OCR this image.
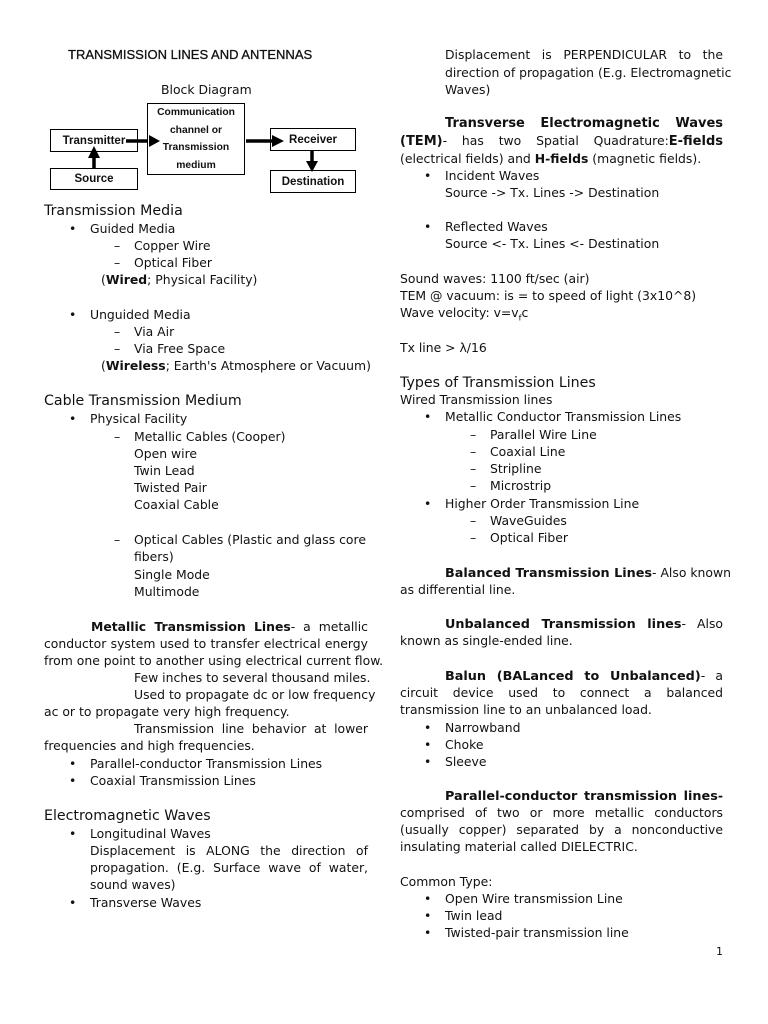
TRANSMISSION LINES AND ANTENNAS
Block Diagram
Transmitter
Communication
channel or
Transmission
medium
Receiver
Source	Destination
Transmission Media
• Guided Media
– Copper Wire
– Optical Fiber
(Wired; Physical Facility)
• Unguided Media
– Via Air
– Via Free Space
(Wireless; Earth's Atmosphere or Vacuum)
Cable Transmission Medium
• Physical Facility
– Metallic Cables (Cooper)
Open wire
Twin Lead
Twisted Pair
Coaxial Cable
– Optical Cables (Plastic and glass core
fibers)
Single Mode
Multimode
Metallic Transmission Lines- a metallic
conductor system used to transfer electrical energy
from one point to another using electrical current flow.
Few inches to several thousand miles.
Used to propagate dc or low frequency
ac or to propagate very high frequency.
Transmission line behavior at lower
frequencies and high frequencies.
• Parallel-conductor Transmission Lines
• Coaxial Transmission Lines
Electromagnetic Waves
• Longitudinal Waves
Displacement is ALONG the direction of
propagation. (E.g. Surface wave of water,
sound waves)
• Transverse Waves
Displacement is PERPENDICULAR to the
direction of propagation (E.g. Electromagnetic
Waves)
Transverse Electromagnetic Waves
(TEM)- has two Spatial Quadrature:E-fields
(electrical fields) and H-fields (magnetic fields).
• Incident Waves
Source -> Tx. Lines -> Destination
• Reflected Waves
Source <- Tx. Lines <- Destination
Sound waves: 1100 ft/sec (air)
TEM @ vacuum: is = to speed of light (3x10^8)
Wave velocity: $v=v_fc$
Tx line > λ/16
Types of Transmission Lines
Wired Transmission lines
• Metallic Conductor Transmission Lines
– Parallel Wire Line
– Coaxial Line
– Stripline
– Microstrip
• Higher Order Transmission Line
– WaveGuides
– Optical Fiber
Balanced Transmission Lines- Also known
as differential line.
Unbalanced Transmission lines- Also
known as single-ended line.
Balun (BALanced to Unbalanced)- a
circuit device used to connect a balanced
transmission line to an unbalanced load.
• Narrowband
• Choke
• Sleeve
Parallel-conductor transmission lines-
comprised of two or more metallic conductors
(usually copper) separated by a nonconductive
insulating material called DIELECTRIC.
Common Type:
• Open Wire transmission Line
• Twin lead
• Twisted-pair transmission line
1
